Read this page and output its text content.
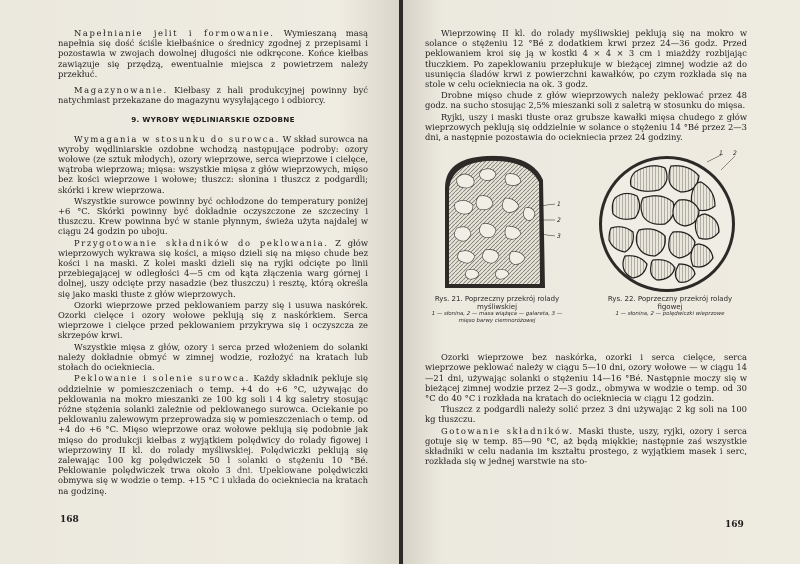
Napełnianie jelit i formowanie. Wymieszaną masą napełnia się dość ściśle kiełbaśnice o średnicy zgodnej z przepisami i pozostawia w zwojach dowolnej długości nie odkręcone. Końce kiełbas zawiązuje się przędzą, ewentualnie miejsca z powietrzem należy przekłuć.

Magazynowanie. Kiełbasy z hali produkcyjnej powinny być natychmiast przekazane do magazynu wysyłającego i odbiorcy.

9. WYROBY WĘDLINIARSKIE OZDOBNE

Wymagania w stosunku do surowca. W skład surowca na wyroby wędliniarskie ozdobne wchodzą następujące podroby: ozory wołowe (ze sztuk młodych), ozory wieprzowe, serca wieprzowe i cielęce, wątroba wieprzowa; mięsa: wszystkie mięsa z głów wieprzowych, mięso bez kości wieprzowe i wołowe; tłuszcz: słonina i tłuszcz z podgardli; skórki i krew wieprzowa.

Wszystkie surowce powinny być ochłodzone do temperatury poniżej +6 °C. Skórki powinny być dokładnie oczyszczone ze szczeciny i tłuszczu. Krew powinna być w stanie płynnym, świeża użyta najdalej w ciągu 24 godzin po uboju.

Przygotowanie składników do peklowania. Z głów wieprzowych wykrawa się kości, a mięso dzieli się na mięso chude bez kości i na maski. Z kolei maski dzieli się na ryjki odcięte po linii przebiegającej w odległości 4—5 cm od kąta złączenia warg górnej i dolnej, uszy odcięte przy nasadzie (bez tłuszczu) i resztę, którą określa się jako maski tłuste z głów wieprzowych.

Ozorki wieprzowe przed peklowaniem parzy się i usuwa naskórek. Ozorki cielęce i ozory wołowe peklują się z naskórkiem. Serca wieprzowe i cielęce przed peklowaniem przykrywa się i oczyszcza ze skrzepów krwi.

Wszystkie mięsa z głów, ozory i serca przed włożeniem do solanki należy dokładnie obmyć w zimnej wodzie, rozłożyć na kratach lub stołach do ociekniecia.

Peklowanie i solenie surowca. Każdy składnik pekluje się oddzielnie w pomieszczeniach o temp. +4 do +6 °C, używając do peklowania na mokro mieszanki ze 100 kg soli i 4 kg saletry stosując różne stężenia solanki zależnie od peklowanego surowca. Ociekanie po peklowaniu zalewowym przeprowadza się w pomieszczeniach o temp. od +4 do +6 °C. Mięso wieprzowe oraz wołowe peklują się podobnie jak mięso do produkcji kiełbas z wyjątkiem polędwicy do rolady figowej i wieprzowiny II kl. do rolady myśliwskiej. Polędwiczki peklują się zalewając 100 kg polędwiczek 50 l solanki o stężeniu 10 °Bé. Peklowanie polędwiczek trwa około 3 dni. Upeklowane polędwiczki obmywa się w wodzie o temp. +15 °C i układa do ociekniecia na kratach na godzinę.

168

Wieprzowinę II kl. do rolady myśliwskiej peklują się na mokro w solance o stężeniu 12 °Bé z dodatkiem krwi przez 24—36 godz. Przed peklowaniem kroi się ją w kostki 4 × 4 × 3 cm i miażdży rozbijając tłuczkiem. Po zapeklowaniu przepłukuje w bieżącej zimnej wodzie aż do usunięcia śladów krwi z powierzchni kawałków, po czym rozkłada się na stole w celu ociekniecia na ok. 3 godz.

Drobne mięso chude z głów wieprzowych należy peklować przez 48 godz. na sucho stosując 2,5% mieszanki soli z saletrą w stosunku do mięsa.

Ryjki, uszy i maski tłuste oraz grubsze kawałki mięsa chudego z głów wieprzowych peklują się oddzielnie w solance o stężeniu 14 °Bé przez 2—3 dni, a następnie pozostawia do ociekniecia przez 24 godziny.

1
2
3
Rys. 21. Poprzeczny przekrój rolady myśliwskiej
1 — słonina, 2 — masa wiążąca — galareta, 3 — mięso barwy ciemnoróżowej
1 2
Rys. 22. Poprzeczny przekrój rolady figowej
1 — słonina, 2 — polędwiczki wieprzowe

Ozorki wieprzowe bez naskórka, ozorki i serca cielęce, serca wieprzowe peklować należy w ciągu 5—10 dni, ozory wołowe — w ciągu 14—21 dni, używając solanki o stężeniu 14—16 °Bé. Następnie moczy się w bieżącej zimnej wodzie przez 2—3 godz., obmywa w wodzie o temp. od 30 °C do 40 °C i rozkłada na kratach do ociekniecia w ciągu 12 godzin.

Tłuszcz z podgardli należy solić przez 3 dni używając 2 kg soli na 100 kg tłuszczu.

Gotowanie składników. Maski tłuste, uszy, ryjki, ozory i serca gotuje się w temp. 85—90 °C, aż będą miękkie; następnie zaś wszystkie składniki w celu nadania im kształtu prostego, z wyjątkiem masek i serc, rozkłada się w jednej warstwie na sto-

169
Allo
